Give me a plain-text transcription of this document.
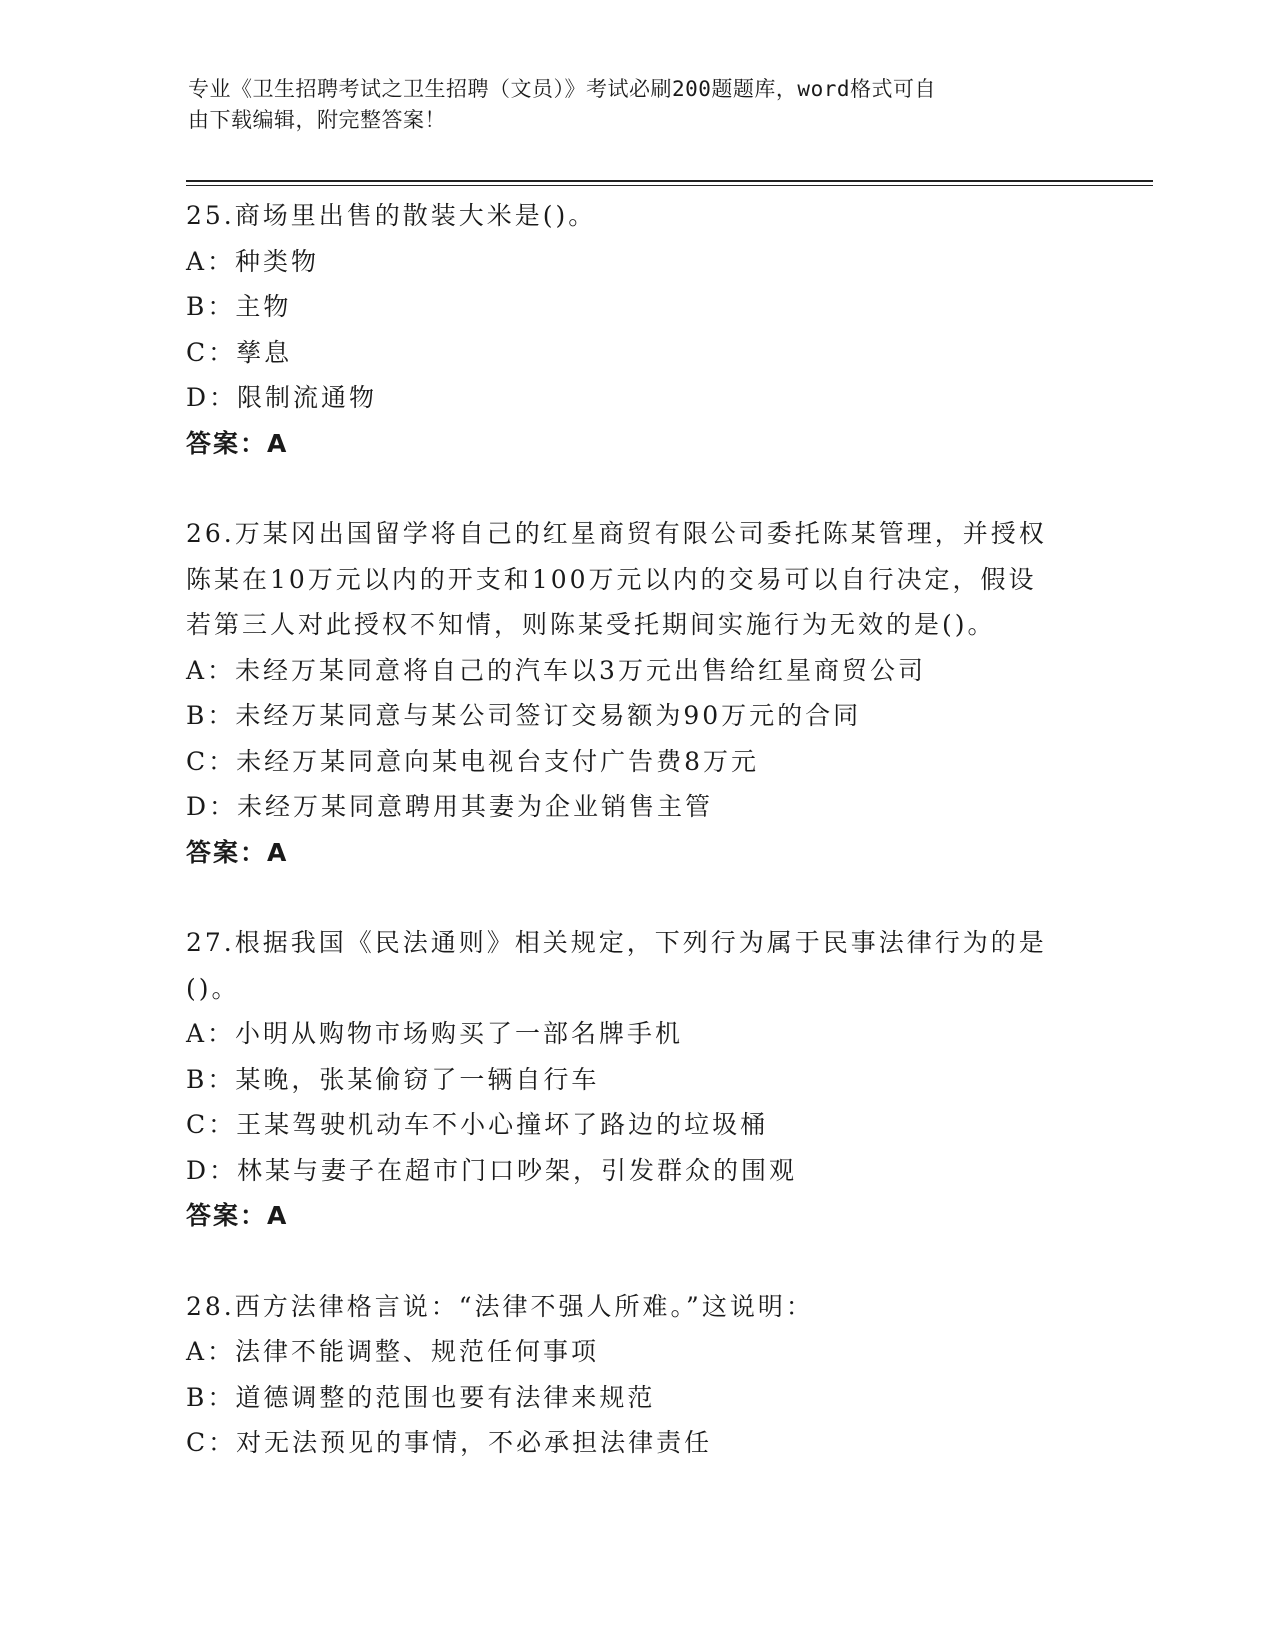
专业《卫生招聘考试之卫生招聘（文员）》考试必刷200题题库，word格式可自
由下载编辑，附完整答案！
25.商场里出售的散装大米是()。
A：种类物
B：主物
C：孳息
D：限制流通物
答案：A
26.万某冈出国留学将自己的红星商贸有限公司委托陈某管理，并授权
陈某在10万元以内的开支和100万元以内的交易可以自行决定，假设
若第三人对此授权不知情，则陈某受托期间实施行为无效的是()。
A：未经万某同意将自己的汽车以3万元出售给红星商贸公司
B：未经万某同意与某公司签订交易额为90万元的合同
C：未经万某同意向某电视台支付广告费8万元
D：未经万某同意聘用其妻为企业销售主管
答案：A
27.根据我国《民法通则》相关规定，下列行为属于民事法律行为的是
()。
A：小明从购物市场购买了一部名牌手机
B：某晚，张某偷窃了一辆自行车
C：王某驾驶机动车不小心撞坏了路边的垃圾桶
D：林某与妻子在超市门口吵架，引发群众的围观
答案：A
28.西方法律格言说：“法律不强人所难。”这说明：
A：法律不能调整、规范任何事项
B：道德调整的范围也要有法律来规范
C：对无法预见的事情，不必承担法律责任
